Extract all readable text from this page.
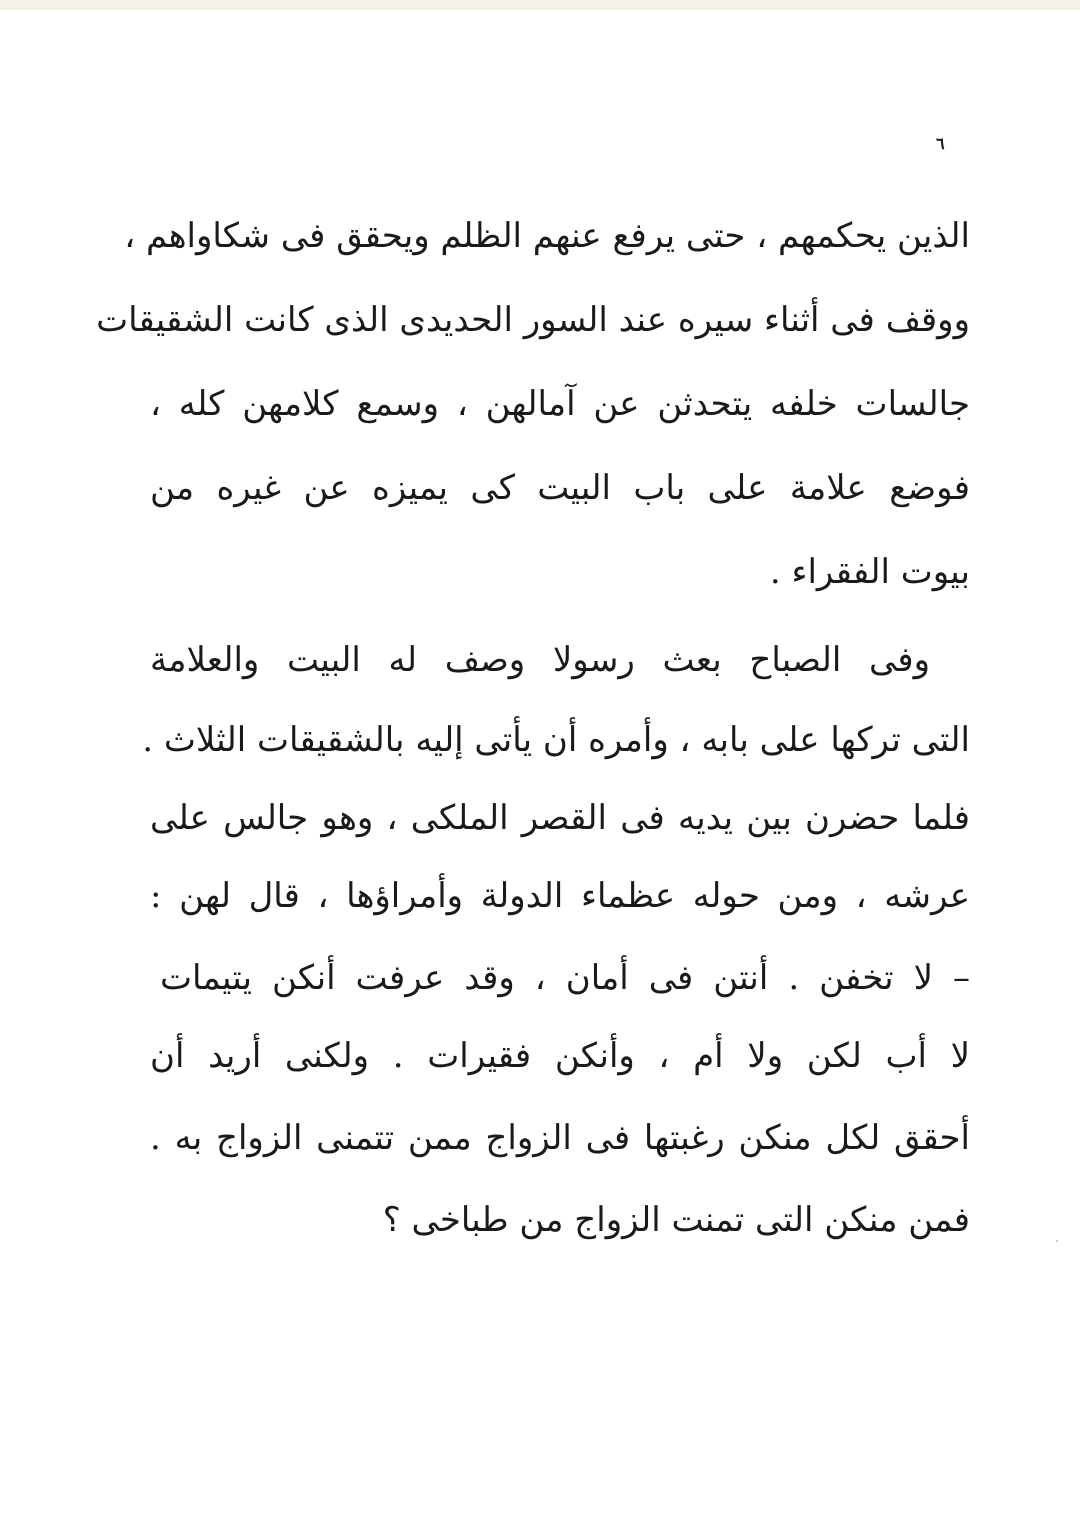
٦
الذين يحكمهم ، حتى يرفع عنهم الظلم ويحقق فى شكاواهم ،
ووقف فى أثناء سيره عند السور الحديدى الذى كانت الشقيقات
جالسات خلفه يتحدثن عن آمالهن ، وسمع كلامهن كله ،
فوضع علامة على باب البيت كى يميزه عن غيره من
بيوت الفقراء .
وفى الصباح بعث رسولا وصف له البيت والعلامة
التى تركها على بابه ، وأمره أن يأتى إليه بالشقيقات الثلاث .
فلما حضرن بين يديه فى القصر الملكى ، وهو جالس على
عرشه ، ومن حوله عظماء الدولة وأمراؤها ، قال لهن :
– لا تخفن . أنتن فى أمان ، وقد عرفت أنكن يتيمات
لا أب لكن ولا أم ، وأنكن فقيرات . ولكنى أريد أن
أحقق لكل منكن رغبتها فى الزواج ممن تتمنى الزواج به .
فمن منكن التى تمنت الزواج من طباخى ؟
